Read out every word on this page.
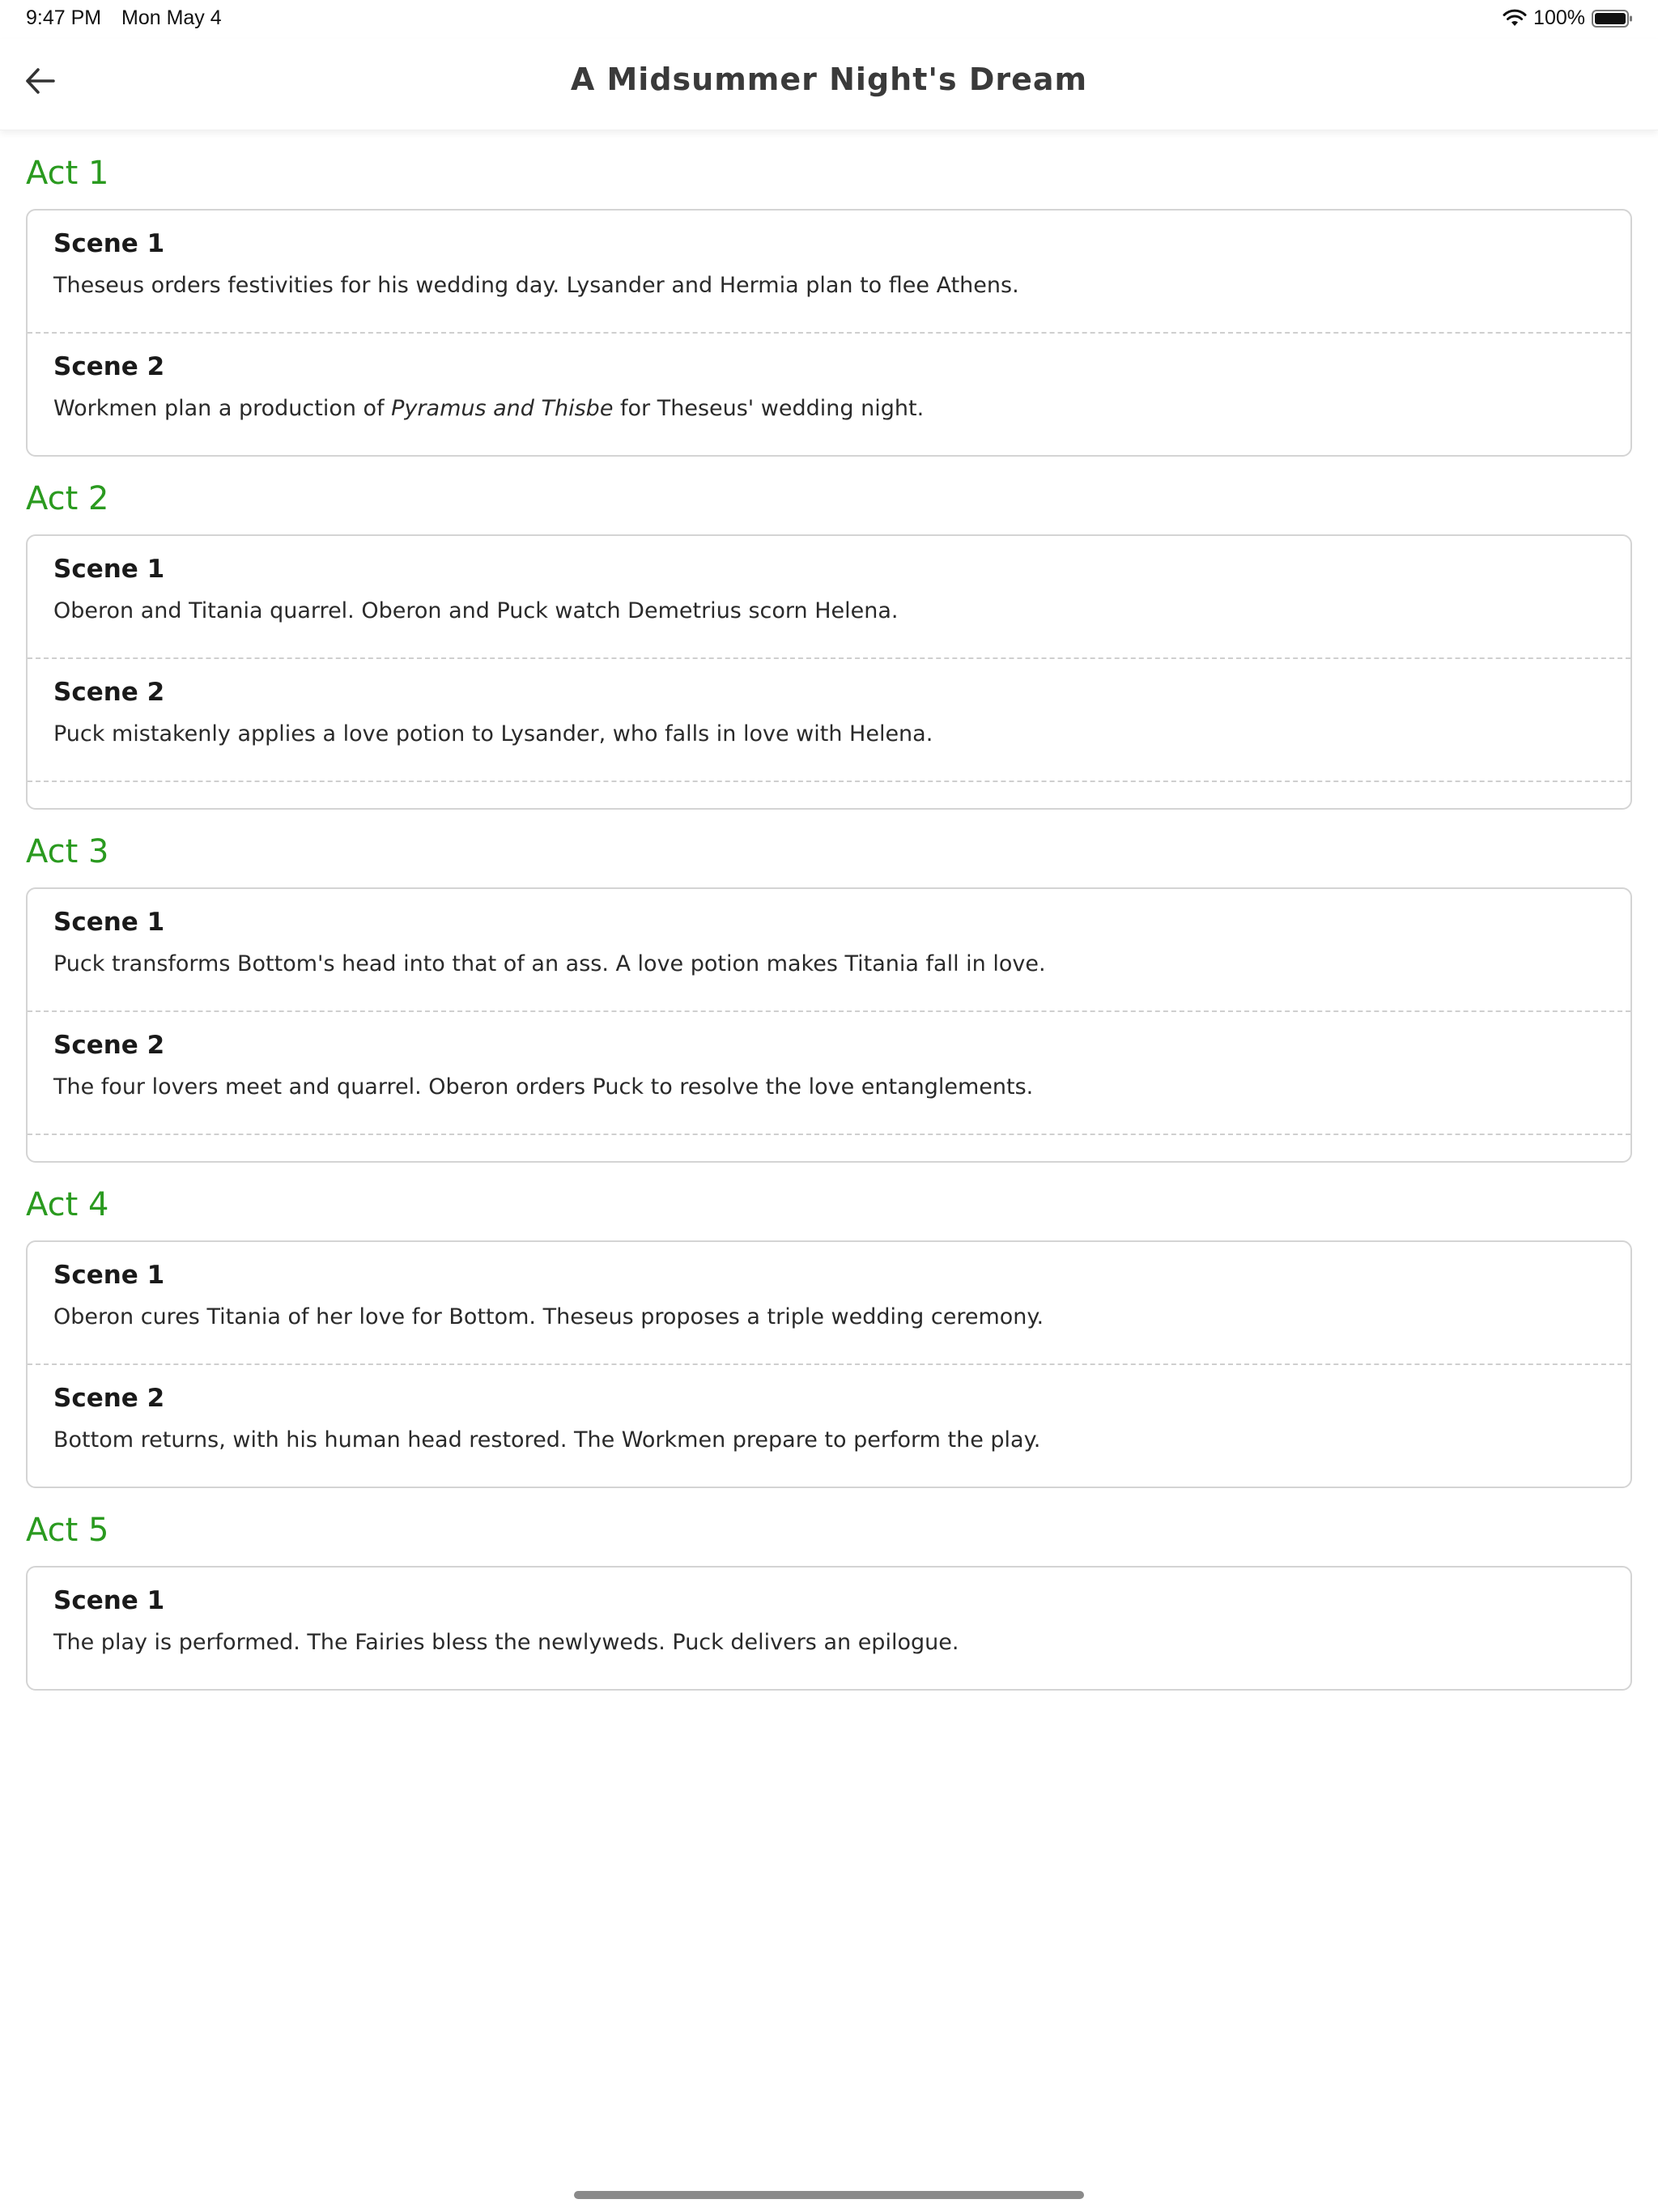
9:47 PM Mon May 4	100%
A Midsummer Night's Dream
Act 1
Scene 1
Theseus orders festivities for his wedding day. Lysander and Hermia plan to flee Athens.
Scene 2
Workmen plan a production of Pyramus and Thisbe for Theseus' wedding night.
Act 2
Scene 1
Oberon and Titania quarrel. Oberon and Puck watch Demetrius scorn Helena.
Scene 2
Puck mistakenly applies a love potion to Lysander, who falls in love with Helena.
Act 3
Scene 1
Puck transforms Bottom's head into that of an ass. A love potion makes Titania fall in love.
Scene 2
The four lovers meet and quarrel. Oberon orders Puck to resolve the love entanglements.
Act 4
Scene 1
Oberon cures Titania of her love for Bottom. Theseus proposes a triple wedding ceremony.
Scene 2
Bottom returns, with his human head restored. The Workmen prepare to perform the play.
Act 5
Scene 1
The play is performed. The Fairies bless the newlyweds. Puck delivers an epilogue.
